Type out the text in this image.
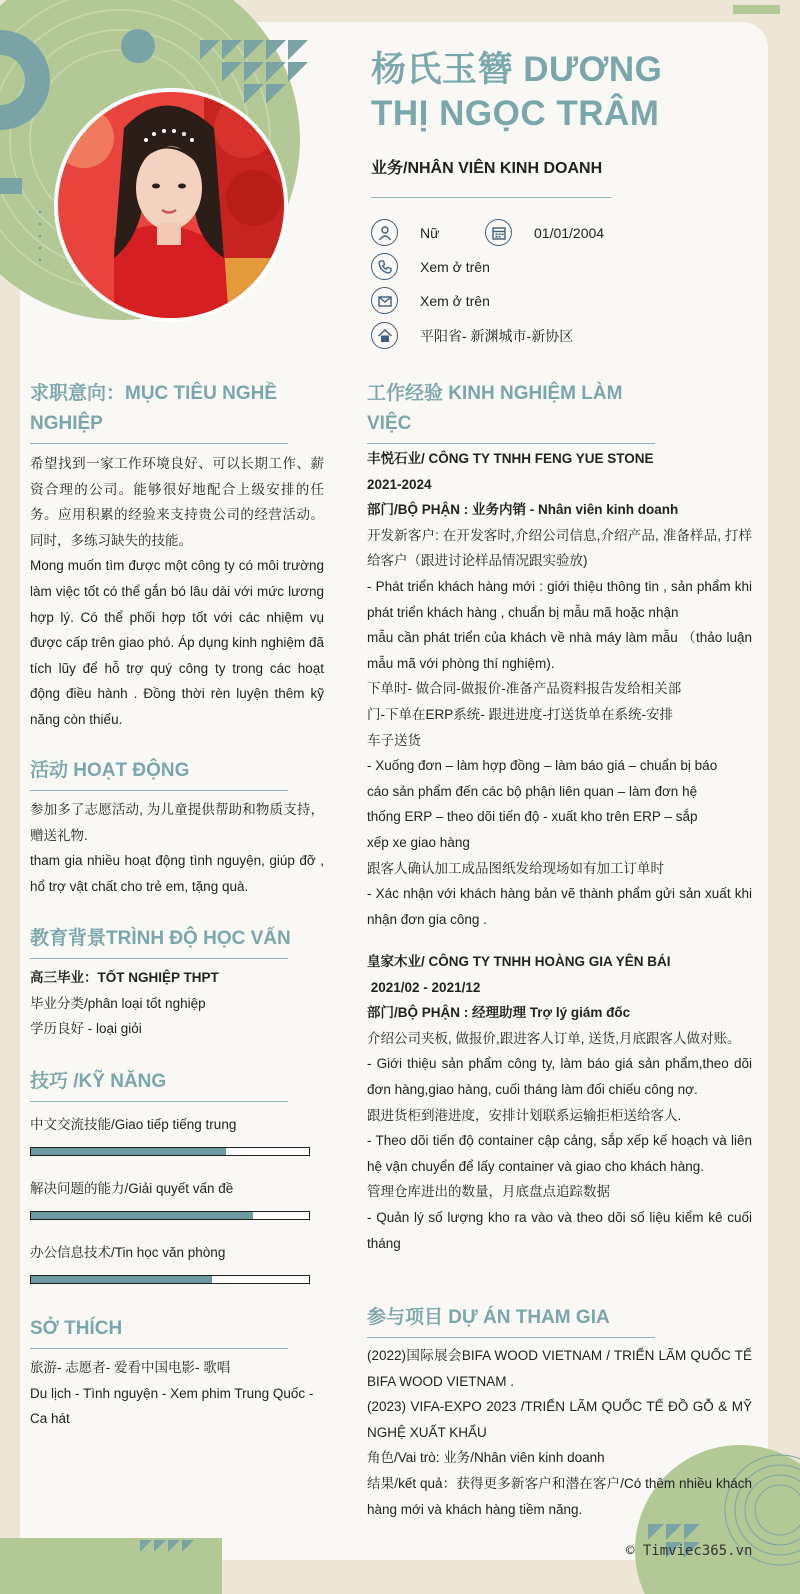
杨氏玉簪 DƯƠNG
THỊ NGỌC TRÂM
业务/NHÂN VIÊN KINH DOANH
Nữ	01/01/2004
Xem ở trên
Xem ở trên
平阳省- 新渊城市-新协区
求职意向：MỤC TIÊU NGHỀ
NGHIỆP

希望找到一家工作环境良好、可以长期工作、薪资合理的公司。能够很好地配合上级安排的任务。应用积累的经验来支持贵公司的经营活动。同时，多练习缺失的技能。

Mong muốn tìm được một công ty có môi trường làm việc tốt có thể gắn bó lâu dài với mức lương hợp lý. Có thể phối hợp tốt với các nhiệm vụ được cấp trên giao phó. Áp dụng kinh nghiệm đã tích lũy để hỗ trợ quý công ty trong các hoạt động điều hành . Đồng thời rèn luyện thêm kỹ năng còn thiếu.

活动 HOẠT ĐỘNG

参加多了志愿活动, 为儿童提供帮助和物质支持，赠送礼物.

tham gia nhiều hoạt động tình nguyện, giúp đỡ , hổ trợ vật chất cho trẻ em, tặng quà.

教育背景TRÌNH ĐỘ HỌC VẤN

高三毕业：TỐT NGHIỆP THPT

毕业分类/phân loại tốt nghiệp

学历良好 - loại giỏi

技巧 /KỸ NĂNG
中文交流技能/Giao tiếp tiếng trung
解决问题的能力/Giải quyết vấn đề
办公信息技术/Tin học văn phòng
SỞ THÍCH

旅游- 志愿者- 爱看中国电影- 歌唱

Du lịch - Tình nguyện - Xem phim Trung Quốc - Ca hát

工作经验 KINH NGHIỆM LÀM
VIỆC

丰悦石业/ CÔNG TY TNHH FENG YUE STONE

2021-2024

部门/BỘ PHẬN : 业务内销 - Nhân viên kinh doanh

开发新客户: 在开发客时,介绍公司信息,介绍产品, 准备样品, 打样给客户（跟进讨论样品情况跟实验放)

- Phát triển khách hàng mới : giới thiệu thông tin , sản phẩm khi phát triển khách hàng , chuẩn bị mẫu mã hoặc nhận

mẫu cần phát triển của khách về nhà máy làm mẫu （thảo luận mẫu mã với phòng thí nghiệm).

下单时- 做合同-做报价-准备产品资料报告发给相关部

门-下单在ERP系统- 跟进进度-打送货单在系统-安排

车子送货

- Xuống đơn – làm hợp đồng – làm báo giá – chuẩn bị báo

cáo sản phẩm đến các bộ phận liên quan – làm đơn hệ

thống ERP – theo dõi tiến độ - xuất kho trên ERP – sắp

xếp xe giao hàng

跟客人确认加工成品图纸发给现场如有加工订单时

- Xác nhận với khách hàng bản vẽ thành phẩm gửi sản xuất khi nhận đơn gia công .

皇家木业/ CÔNG TY TNHH HOÀNG GIA YÊN BÁI

2021/02 - 2021/12

部门/BỘ PHẬN : 经理助理 Trợ lý giám đốc

介绍公司夹板, 做报价,跟进客人订单, 送货,月底跟客人做对账。

- Giới thiệu sản phẩm công ty, làm báo giá sản phẩm,theo dõi đơn hàng,giao hàng, cuối tháng làm đối chiếu công nợ.

跟进货柜到港进度，安排计划联系运输拒柜送给客人.

- Theo dõi tiến độ container cập cảng, sắp xếp kế hoạch và liên hệ vận chuyển để lấy container và giao cho khách hàng.

管理仓库进出的数量，月底盘点追踪数据

- Quản lý số lượng kho ra vào và theo dõi số liệu kiểm kê cuối tháng

参与项目 DỰ ÁN THAM GIA

(2022)国际展会BIFA WOOD VIETNAM / TRIỂN LÃM QUỐC TẾ BIFA WOOD VIETNAM .

(2023) VIFA-EXPO 2023 /TRIỂN LÃM QUỐC TẾ ĐỒ GỖ & MỸ NGHỆ XUẤT KHẨU

角色/Vai trò: 业务/Nhân viên kinh doanh

结果/kết quả：获得更多新客户和潜在客户/Có thêm nhiều khách hàng mới và khách hàng tiềm năng.

© Timviec365.vn
